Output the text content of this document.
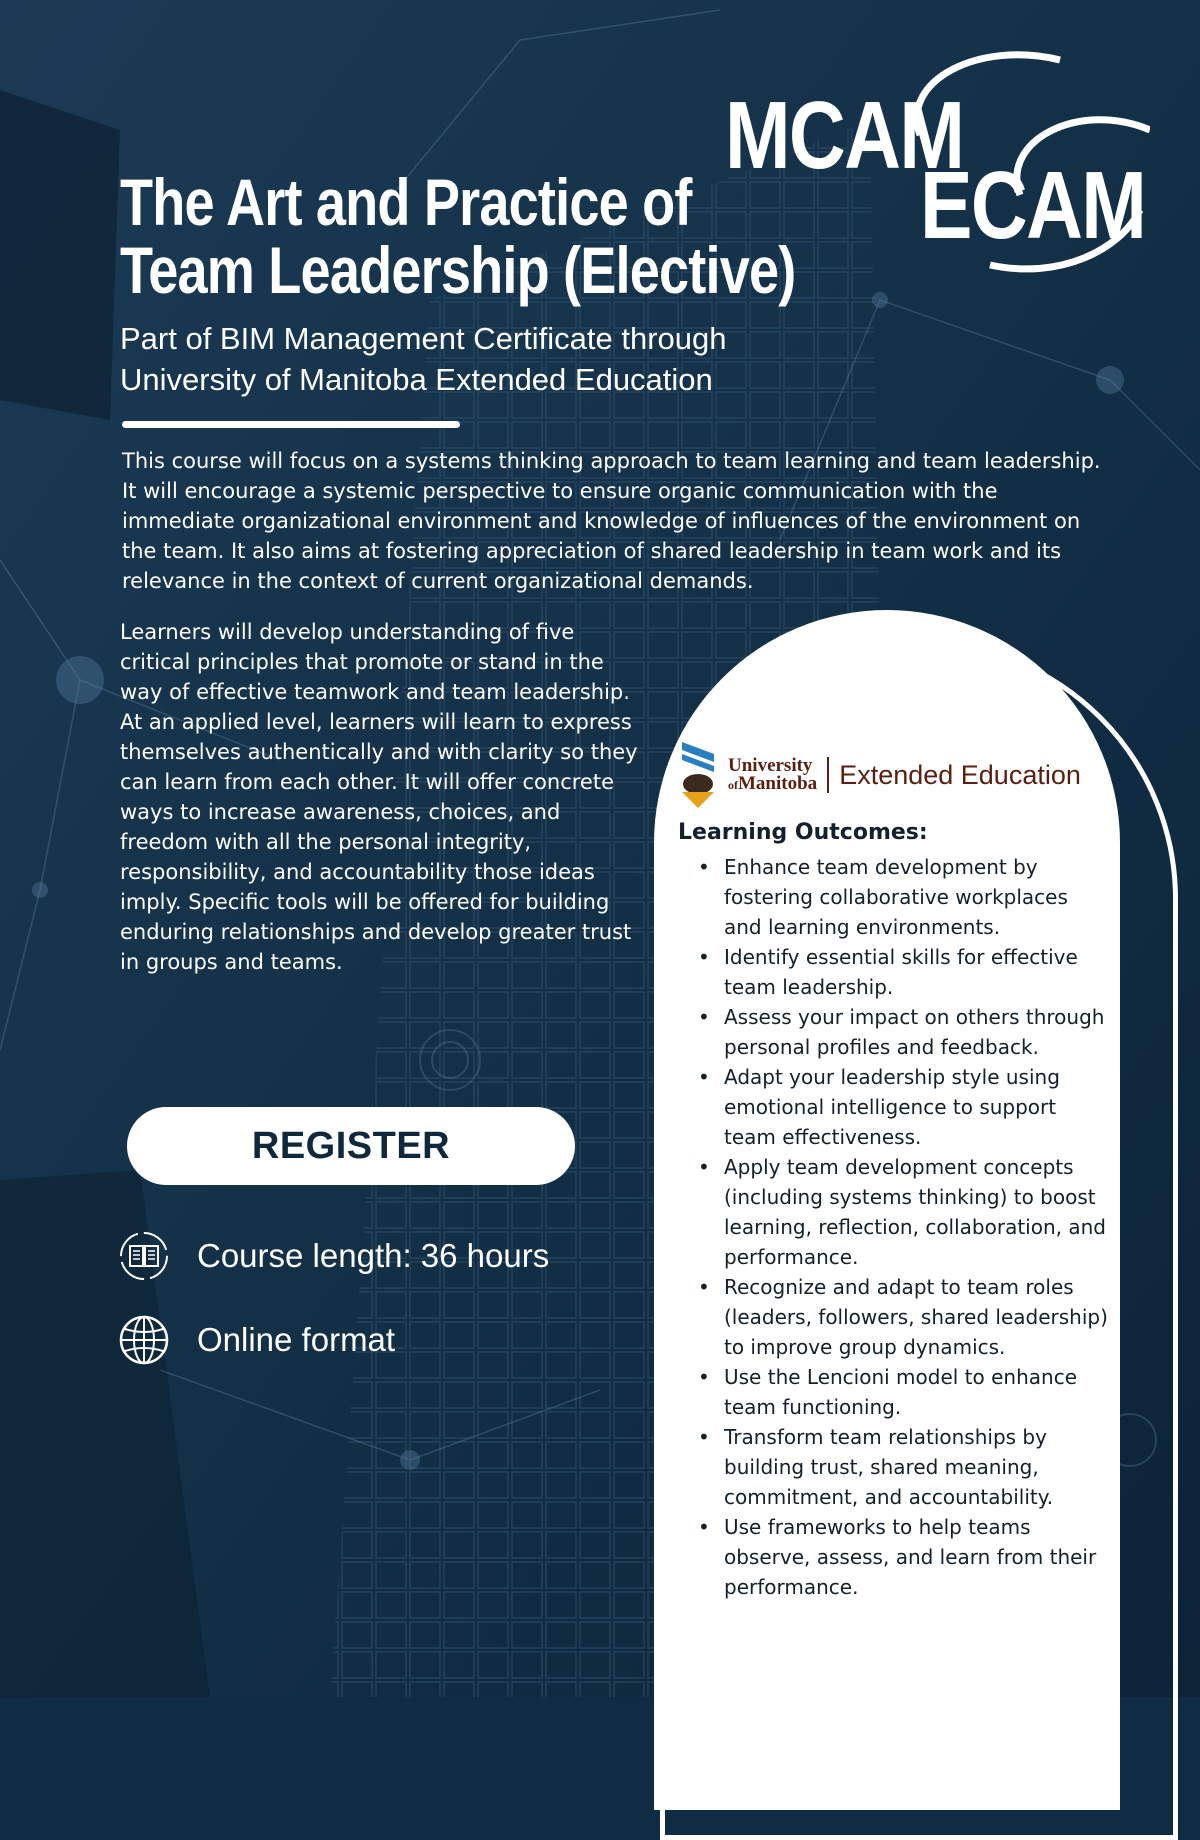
MCAM
ECAM
The Art and Practice of
Team Leadership (Elective)

Part of BIM Management Certificate through
University of Manitoba Extended Education

This course will focus on a systems thinking approach to team learning and team leadership. It will encourage a systemic perspective to ensure organic communication with the immediate organizational environment and knowledge of influences of the environment on the team. It also aims at fostering appreciation of shared leadership in team work and its relevance in the context of current organizational demands.

Learners will develop understanding of five critical principles that promote or stand in the way of effective teamwork and team leadership. At an applied level, learners will learn to express themselves authentically and with clarity so they can learn from each other. It will offer concrete ways to increase awareness, choices, and freedom with all the personal integrity, responsibility, and accountability those ideas imply. Specific tools will be offered for building enduring relationships and develop greater trust in groups and teams.

REGISTER
Course length: 36 hours
Online format
University
ofManitoba Extended Education
Learning Outcomes:
• Enhance team development by fostering collaborative workplaces and learning environments.
• Identify essential skills for effective team leadership.
• Assess your impact on others through personal profiles and feedback.
• Adapt your leadership style using emotional intelligence to support team effectiveness.
• Apply team development concepts (including systems thinking) to boost learning, reflection, collaboration, and performance.
• Recognize and adapt to team roles (leaders, followers, shared leadership) to improve group dynamics.
• Use the Lencioni model to enhance team functioning.
• Transform team relationships by building trust, shared meaning, commitment, and accountability.
• Use frameworks to help teams observe, assess, and learn from their performance.
